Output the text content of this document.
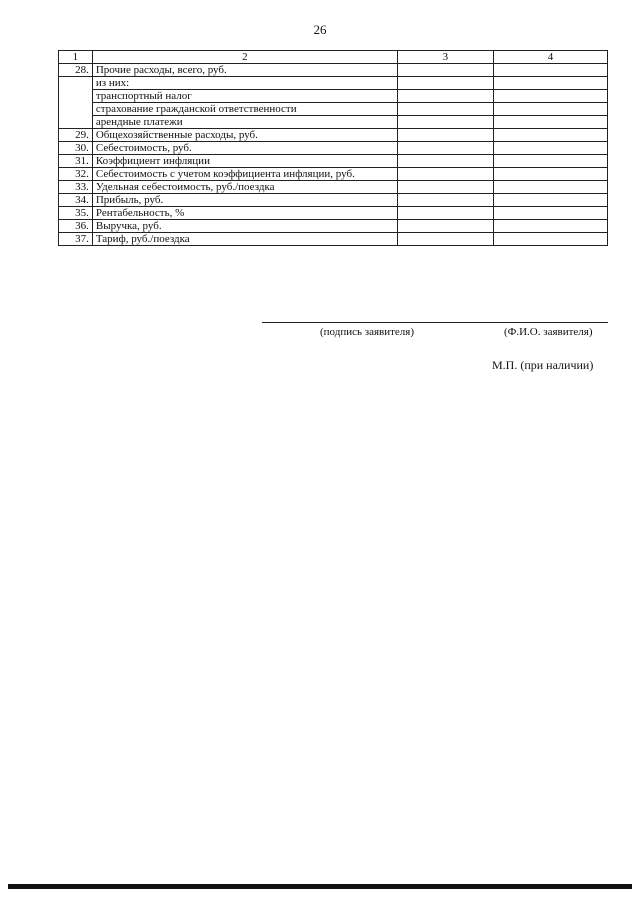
26
1	2	3	4
28.	Прочие расходы, всего, руб.		
	из них:		
	транспортный налог		
	страхование гражданской ответственности		
	арендные платежи		
29.	Общехозяйственные расходы, руб.		
30.	Себестоимость, руб.		
31.	Коэффициент инфляции		
32.	Себестоимость с учетом коэффициента инфляции, руб.		
33.	Удельная себестоимость, руб./поездка		
34.	Прибыль, руб.		
35.	Рентабельность, %		
36.	Выручка, руб.		
37.	Тариф, руб./поездка		
(подпись заявителя)	(Ф.И.О. заявителя)
М.П. (при наличии)
